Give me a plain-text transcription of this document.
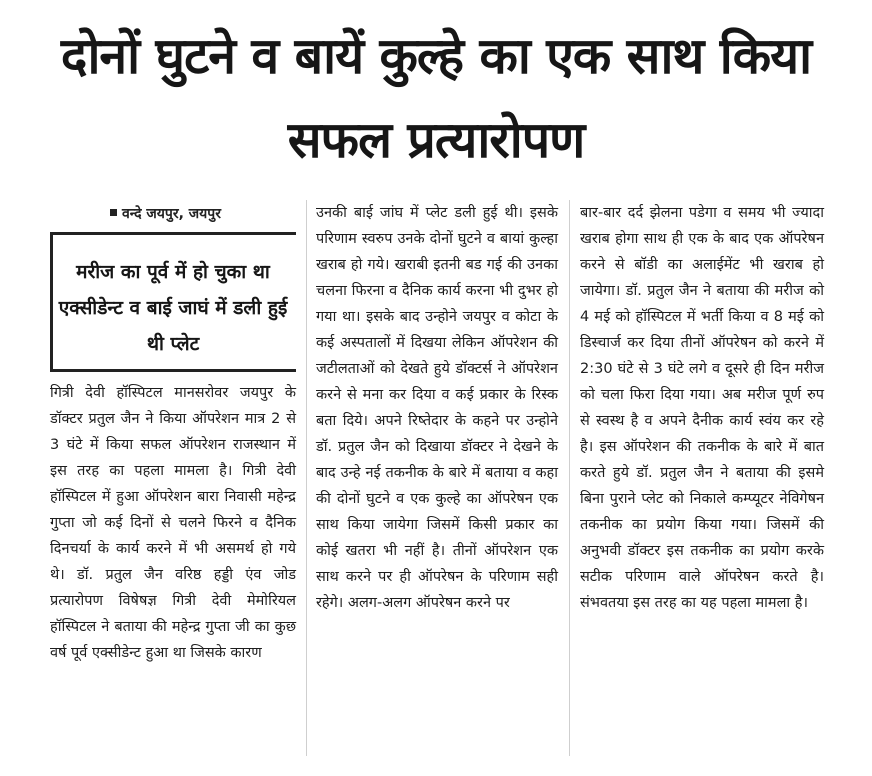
दोनों घुटने व बायें कुल्हे का एक साथ किया सफल प्रत्यारोपण
वन्दे जयपुर, जयपुर
मरीज का पूर्व में हो चुका था एक्सीडेन्ट व बाई जाघं में डली हुई थी प्लेट

गित्री देवी हॉस्पिटल मानसरोवर जयपुर के डॉक्टर प्रतुल जैन ने किया ऑपरेशन मात्र 2 से 3 घंटे में किया सफल ऑपरेशन राजस्थान में इस तरह का पहला मामला है। गित्री देवी हॉस्पिटल में हुआ ऑपरेशन बारा निवासी महेन्द्र गुप्ता जो कई दिनों से चलने फिरने व दैनिक दिनचर्या के कार्य करने में भी असमर्थ हो गये थे। डॉ. प्रतुल जैन वरिष्ठ हड्डी एंव जोड प्रत्यारोपण विषेषज्ञ गित्री देवी मेमोरियल हॉस्पिटल ने बताया की महेन्द्र गुप्ता जी का कुछ वर्ष पूर्व एक्सीडेन्ट हुआ था जिसके कारण

उनकी बाई जांघ में प्लेट डली हुई थी। इसके परिणाम स्वरुप उनके दोनों घुटने व बायां कुल्हा खराब हो गये। खराबी इतनी बड गई की उनका चलना फिरना व दैनिक कार्य करना भी दुभर हो गया था। इसके बाद उन्होने जयपुर व कोटा के कई अस्पतालों में दिखया लेकिन ऑपरेशन की जटीलताओं को देखते हुये डॉक्टर्स ने ऑपरेशन करने से मना कर दिया व कई प्रकार के रिस्क बता दिये। अपने रिष्तेदार के कहने पर उन्होने डॉ. प्रतुल जैन को दिखाया डॉक्टर ने देखने के बाद उन्हे नई तकनीक के बारे में बताया व कहा की दोनों घुटने व एक कुल्हे का ऑपरेषन एक साथ किया जायेगा जिसमें किसी प्रकार का कोई खतरा भी नहीं है। तीनों ऑपरेशन एक साथ करने पर ही ऑपरेषन के परिणाम सही रहेगे। अलग-अलग ऑपरेषन करने पर

बार-बार दर्द झेलना पडेगा व समय भी ज्यादा खराब होगा साथ ही एक के बाद एक ऑपरेषन करने से बॉडी का अलाईमेंट भी खराब हो जायेगा। डॉ. प्रतुल जैन ने बताया की मरीज को 4 मई को हॉस्पिटल में भर्ती किया व 8 मई को डिस्चार्ज कर दिया तीनों ऑपरेषन को करने में 2:30 घंटे से 3 घंटे लगे व दूसरे ही दिन मरीज को चला फिरा दिया गया। अब मरीज पूर्ण रुप से स्वस्थ है व अपने दैनीक कार्य स्वंय कर रहे है। इस ऑपरेशन की तकनीक के बारे में बात करते हुये डॉ. प्रतुल जैन ने बताया की इसमे बिना पुराने प्लेट को निकाले कम्प्यूटर नेविगेषन तकनीक का प्रयोग किया गया। जिसमें की अनुभवी डॉक्टर इस तकनीक का प्रयोग करके सटीक परिणाम वाले ऑपरेषन करते है। संभवतया इस तरह का यह पहला मामला है।
